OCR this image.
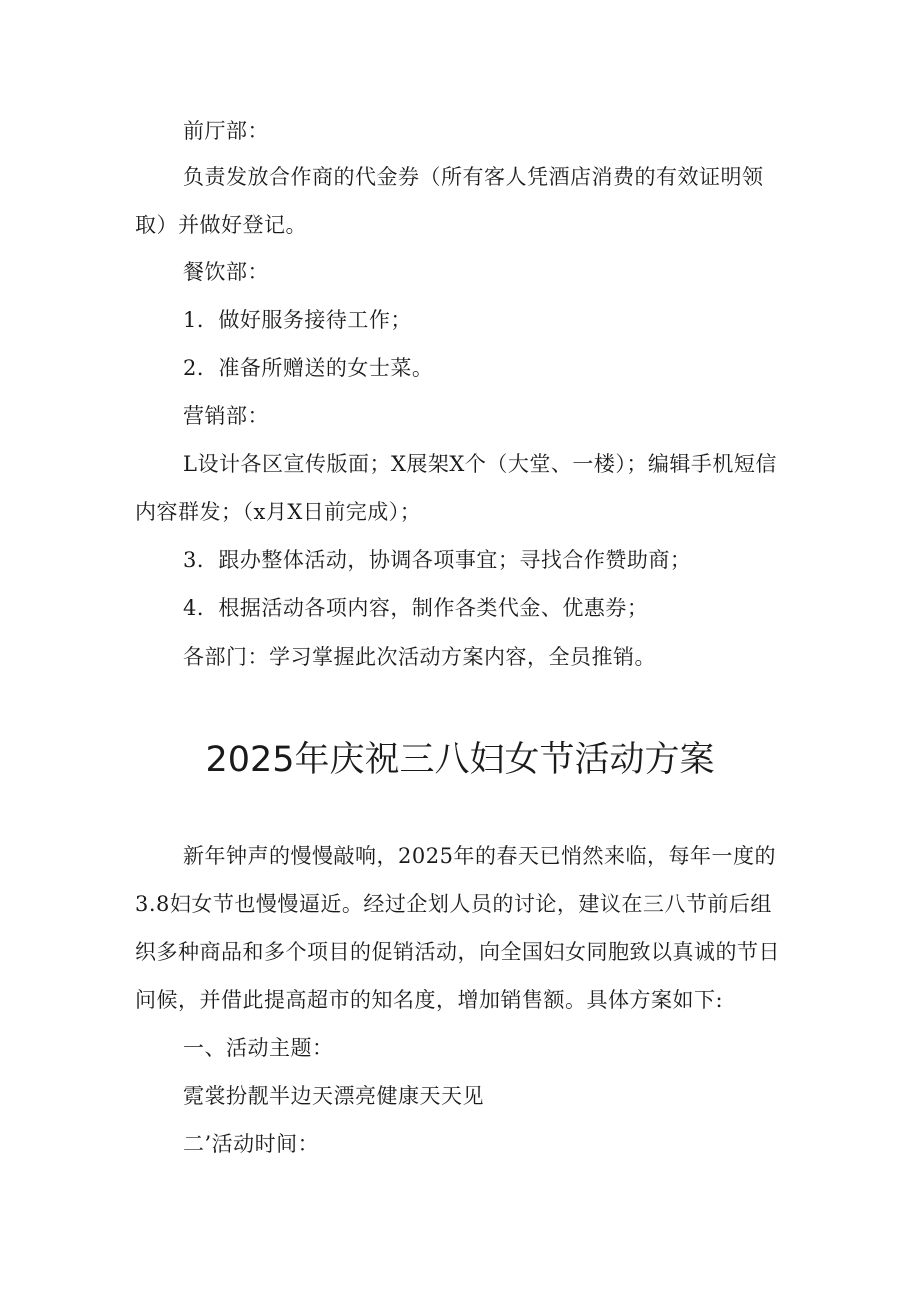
前厅部：
负责发放合作商的代金券（所有客人凭酒店消费的有效证明领
取）并做好登记。
餐饮部：
1．做好服务接待工作；
2．准备所赠送的女士菜。
营销部：
L设计各区宣传版面；X展架X个（大堂、一楼）；编辑手机短信
内容群发；（x月X日前完成）；
3．跟办整体活动，协调各项事宜；寻找合作赞助商；
4．根据活动各项内容，制作各类代金、优惠券；
各部门：学习掌握此次活动方案内容，全员推销。
2025年庆祝三八妇女节活动方案
新年钟声的慢慢敲响，2025年的春天已悄然来临，每年一度的
3.8妇女节也慢慢逼近。经过企划人员的讨论，建议在三八节前后组
织多种商品和多个项目的促销活动，向全国妇女同胞致以真诚的节日
问候，并借此提高超市的知名度，增加销售额。具体方案如下:
一、活动主题：
霓裳扮靓半边天漂亮健康天天见
二’活动时间：
